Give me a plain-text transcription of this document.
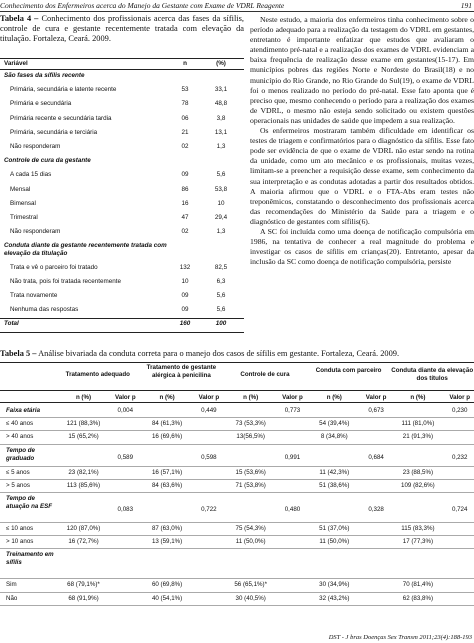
Conhecimento dos Enfermeiros acerca do Manejo da Gestante com Exame de VDRL Reagente	191
Tabela 4 – Conhecimento dos profissionais acerca das fases da sífilis, controle de cura e gestante recentemente tratada com elevação da titulação. Fortaleza, Ceará. 2009.
Variável	n	(%)
São fases da sífilis recente
Primária, secundária e latente recente	53	33,1
Primária e secundária	78	48,8
Primária recente e secundária tardia	06	3,8
Primária, secundária e terciária	21	13,1
Não responderam	02	1,3
Controle de cura da gestante
A cada 15 dias	09	5,6
Mensal	86	53,8
Bimensal	16	10
Trimestral	47	29,4
Não responderam	02	1,3
Conduta diante da gestante recentemente tratada com elevação da titulação
Trata e vê o parceiro foi tratado	132	82,5
Não trata, pois foi tratada recentemente	10	6,3
Trata novamente	09	5,6
Nenhuma das respostas	09	5,6
Total	160	100

Neste estudo, a maioria dos enfermeiros tinha conhecimento sobre o período adequado para a realização da testagem do VDRL em gestantes, entretanto é importante enfatizar que estudos que avaliaram o atendimento pré-natal e a realização dos exames de VDRL evidenciam a baixa frequência de realização desse exame em gestantes(15-17). Em municípios pobres das regiões Norte e Nordeste do Brasil(18) e no município do Rio Grande, no Rio Grande do Sul(19), o exame de VDRL foi o menos realizado no período do pré-natal. Esse fato aponta que é preciso que, mesmo conhecendo o período para a realização dos exames de VDRL, o mesmo não esteja sendo solicitado ou existem questões operacionais nas unidades de saúde que impedem a sua realização.

Os enfermeiros mostraram também dificuldade em identificar os testes de triagem e confirmatórios para o diagnóstico da sífilis. Esse fato pode ser evidência de que o exame de VDRL não estar sendo na rotina da unidade, como um ato mecânico e os profissionais, muitas vezes, limitam-se a preencher a requisição desse exame, sem conhecimento da sua interpretação e as condutas adotadas a partir dos resultados obtidos. A maioria afirmou que o VDRL e o FTA-Abs eram testes não treponêmicos, constatando o desconhecimento dos profissionais acerca das recomendações do Ministério da Saúde para a triagem e o diagnóstico de gestantes com sífilis(6).

A SC foi incluída como uma doença de notificação compulsória em 1986, na tentativa de conhecer a real magnitude do problema e investigar os casos de sífilis em crianças(20). Entretanto, apesar da inclusão da SC como doença de notificação compulsória, persiste

Tabela 5 – Análise bivariada da conduta correta para o manejo dos casos de sífilis em gestante. Fortaleza, Ceará. 2009.
Tratamento adequado
n (%)	Valor p
Tratamento de gestante alérgica à penicilina
n (%)	Valor p
Controle de cura
n (%)	Valor p
Conduta com parceiro
n (%)	Valor p
Conduta diante da elevação dos títulos
n (%)	Valor p
Faixa etária	0,004	0,449	0,773	0,673	0,230
≤ 40 anos	121 (88,3%)	84 (61,3%)	73 (53,3%)	54 (39,4%)	111 (81,0%)
> 40 anos	15 (65,2%)	16 (69,6%)	13(56,5%)	8 (34,8%)	21 (91,3%)
Tempo de graduado	0,589	0,598	0,991	0,684	0,232
≤ 5 anos	23 (82,1%)	16 (57,1%)	15 (53,6%)	11 (42,3%)	23 (88,5%)
> 5 anos	113 (85,6%)	84 (63,6%)	71 (53,8%)	51 (38,6%)	109 (82,6%)
Tempo de atuação na ESF	0,083	0,722	0,480	0,328	0,724
≤ 10 anos	120 (87,0%)	87 (63,0%)	75 (54,3%)	51 (37,0%)	115 (83,3%)
> 10 anos	16 (72,7%)	13 (59,1%)	11 (50,0%)	11 (50,0%)	17 (77,3%)
Treinamento em sífilis
Sim	68 (79,1%)*	60 (69,8%)	56 (65,1%)*	30 (34,9%)	70 (81,4%)
Não	68 (91,9%)	40 (54,1%)	30 (40,5%)	32 (43,2%)	62 (83,8%)
DST - J bras Doenças Sex Transm 2011;23(4):188-193
